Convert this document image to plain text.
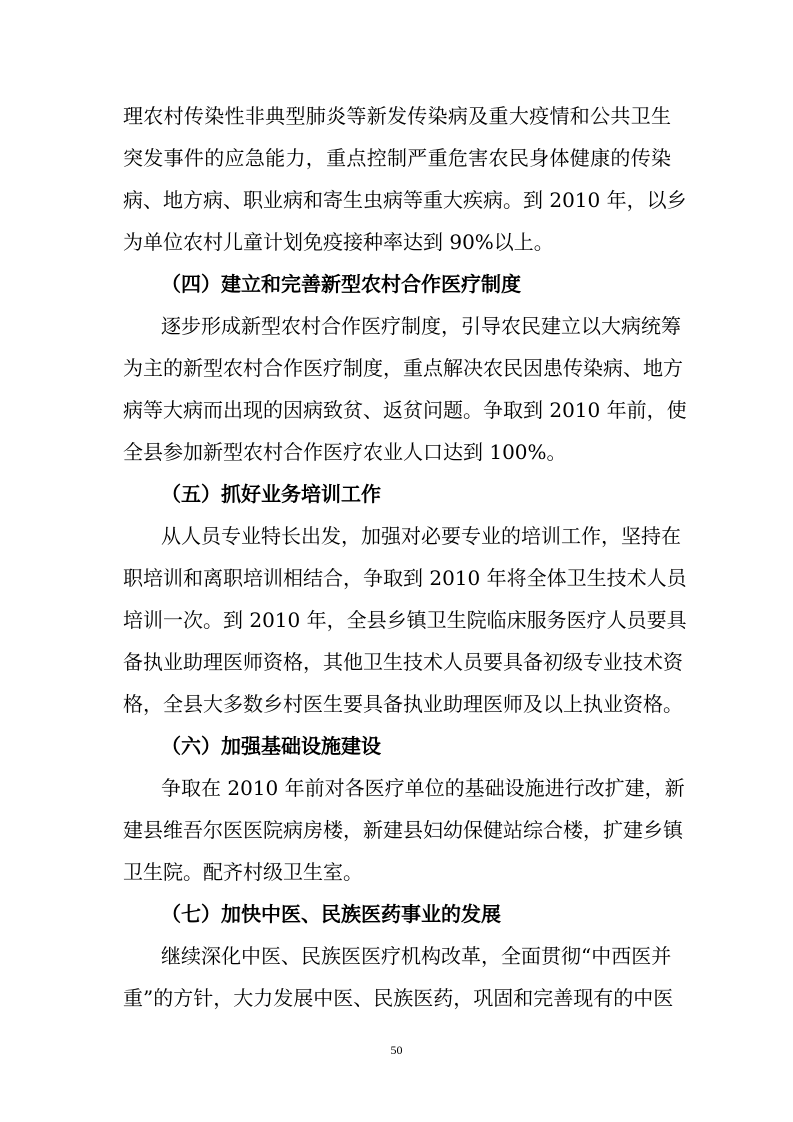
理农村传染性非典型肺炎等新发传染病及重大疫情和公共卫生
突发事件的应急能力，重点控制严重危害农民身体健康的传染
病、地方病、职业病和寄生虫病等重大疾病。到 2010 年，以乡
为单位农村儿童计划免疫接种率达到 90%以上。
（四）建立和完善新型农村合作医疗制度
逐步形成新型农村合作医疗制度，引导农民建立以大病统筹
为主的新型农村合作医疗制度，重点解决农民因患传染病、地方
病等大病而出现的因病致贫、返贫问题。争取到 2010 年前，使
全县参加新型农村合作医疗农业人口达到 100%。
（五）抓好业务培训工作
从人员专业特长出发，加强对必要专业的培训工作，坚持在
职培训和离职培训相结合，争取到 2010 年将全体卫生技术人员
培训一次。到 2010 年，全县乡镇卫生院临床服务医疗人员要具
备执业助理医师资格，其他卫生技术人员要具备初级专业技术资
格，全县大多数乡村医生要具备执业助理医师及以上执业资格。
（六）加强基础设施建设
争取在 2010 年前对各医疗单位的基础设施进行改扩建，新
建县维吾尔医医院病房楼，新建县妇幼保健站综合楼，扩建乡镇
卫生院。配齐村级卫生室。
（七）加快中医、民族医药事业的发展
继续深化中医、民族医医疗机构改革，全面贯彻“中西医并
重”的方针，大力发展中医、民族医药，巩固和完善现有的中医
50
